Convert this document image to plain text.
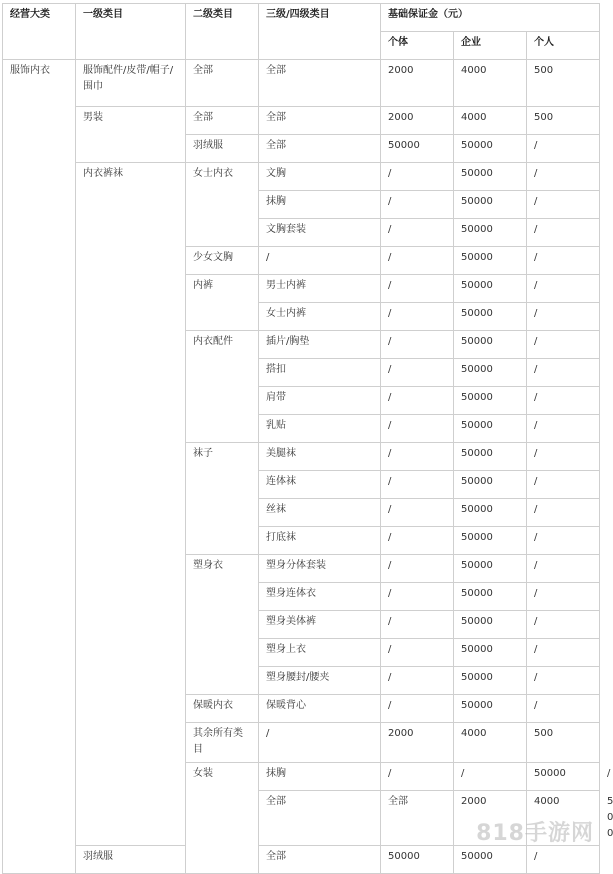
经营大类	一级类目	二级类目	三级/四级类目	基础保证金（元）			
				个体	企业	个人	
服饰内衣	服饰配件/皮带/帽子/围巾	全部	全部	2000	4000	500	
	男装	全部	全部	2000	4000	500	
		羽绒服	全部	50000	50000	/	
	内衣裤袜	女士内衣	文胸	/	50000	/	
			抹胸	/	50000	/	
			文胸套装	/	50000	/	
		少女文胸	/	/	50000	/	
		内裤	男士内裤	/	50000	/	
			女士内裤	/	50000	/	
		内衣配件	插片/胸垫	/	50000	/	
			搭扣	/	50000	/	
			肩带	/	50000	/	
			乳贴	/	50000	/	
		袜子	美腿袜	/	50000	/	
			连体袜	/	50000	/	
			丝袜	/	50000	/	
			打底袜	/	50000	/	
		塑身衣	塑身分体套装	/	50000	/	
			塑身连体衣	/	50000	/	
			塑身美体裤	/	50000	/	
			塑身上衣	/	50000	/	
			塑身腰封/腰夹	/	50000	/	
		保暖内衣	保暖背心	/	50000	/	
		其余所有类目	/	2000	4000	500	
		女装	抹胸	/	/	50000	/
			全部	全部	2000	4000	500
	羽绒服		全部	50000	50000	/	
818手游网
